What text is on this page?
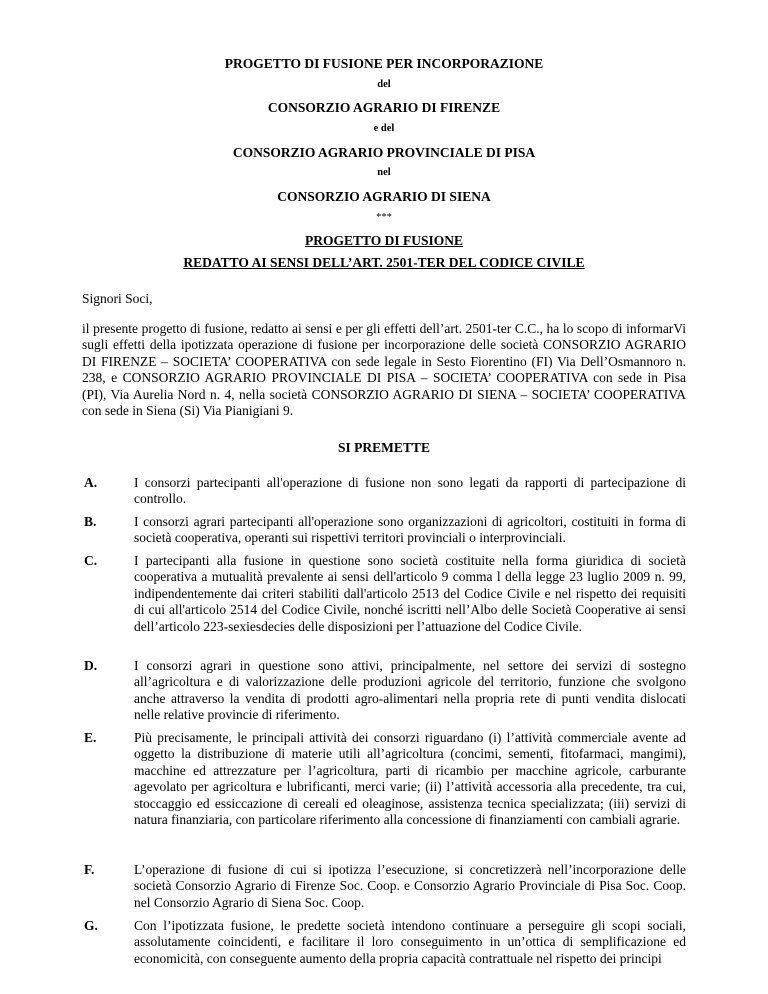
PROGETTO DI FUSIONE PER INCORPORAZIONE
del
CONSORZIO AGRARIO DI FIRENZE
e del
CONSORZIO AGRARIO PROVINCIALE DI PISA
nel
CONSORZIO AGRARIO DI SIENA
***
PROGETTO DI FUSIONE
REDATTO AI SENSI DELL’ART. 2501-TER DEL CODICE CIVILE
Signori Soci,
il presente progetto di fusione, redatto ai sensi e per gli effetti dell’art. 2501-ter C.C., ha lo scopo di informarVi sugli effetti della ipotizzata operazione di fusione per incorporazione delle società CONSORZIO AGRARIO DI FIRENZE – SOCIETA’ COOPERATIVA con sede legale in Sesto Fiorentino (FI) Via Dell’Osmannoro n. 238, e CONSORZIO AGRARIO PROVINCIALE DI PISA – SOCIETA’ COOPERATIVA con sede in Pisa (PI), Via Aurelia Nord n. 4, nella società CONSORZIO AGRARIO DI SIENA – SOCIETA’ COOPERATIVA con sede in Siena (Si) Via Pianigiani 9.
SI PREMETTE
A.	I consorzi partecipanti all'operazione di fusione non sono legati da rapporti di partecipazione di controllo.
B.	I consorzi agrari partecipanti all'operazione sono organizzazioni di agricoltori, costituiti in forma di società cooperativa, operanti sui rispettivi territori provinciali o interprovinciali.
C.	I partecipanti alla fusione in questione sono società costituite nella forma giuridica di società cooperativa a mutualità prevalente ai sensi dell'articolo 9 comma l della legge 23 luglio 2009 n. 99, indipendentemente dai criteri stabiliti dall'articolo 2513 del Codice Civile e nel rispetto dei requisiti di cui all'articolo 2514 del Codice Civile, nonché iscritti nell’Albo delle Società Cooperative ai sensi dell’articolo 223-sexiesdecies delle disposizioni per l’attuazione del Codice Civile.
D.	I consorzi agrari in questione sono attivi, principalmente, nel settore dei servizi di sostegno all’agricoltura e di valorizzazione delle produzioni agricole del territorio, funzione che svolgono anche attraverso la vendita di prodotti agro-alimentari nella propria rete di punti vendita dislocati nelle relative provincie di riferimento.
E.	Più precisamente, le principali attività dei consorzi riguardano (i) l’attività commerciale avente ad oggetto la distribuzione di materie utili all’agricoltura (concimi, sementi, fitofarmaci, mangimi), macchine ed attrezzature per l’agricoltura, parti di ricambio per macchine agricole, carburante agevolato per agricoltura e lubrificanti, merci varie; (ii) l’attività accessoria alla precedente, tra cui, stoccaggio ed essiccazione di cereali ed oleaginose, assistenza tecnica specializzata; (iii) servizi di natura finanziaria, con particolare riferimento alla concessione di finanziamenti con cambiali agrarie.
F.	L’operazione di fusione di cui si ipotizza l’esecuzione, si concretizzerà nell’incorporazione delle società Consorzio Agrario di Firenze Soc. Coop. e Consorzio Agrario Provinciale di Pisa Soc. Coop. nel Consorzio Agrario di Siena Soc. Coop.
G.	Con l’ipotizzata fusione, le predette società intendono continuare a perseguire gli scopi sociali, assolutamente coincidenti, e facilitare il loro conseguimento in un’ottica di semplificazione ed economicità, con conseguente aumento della propria capacità contrattuale nel rispetto dei principi
